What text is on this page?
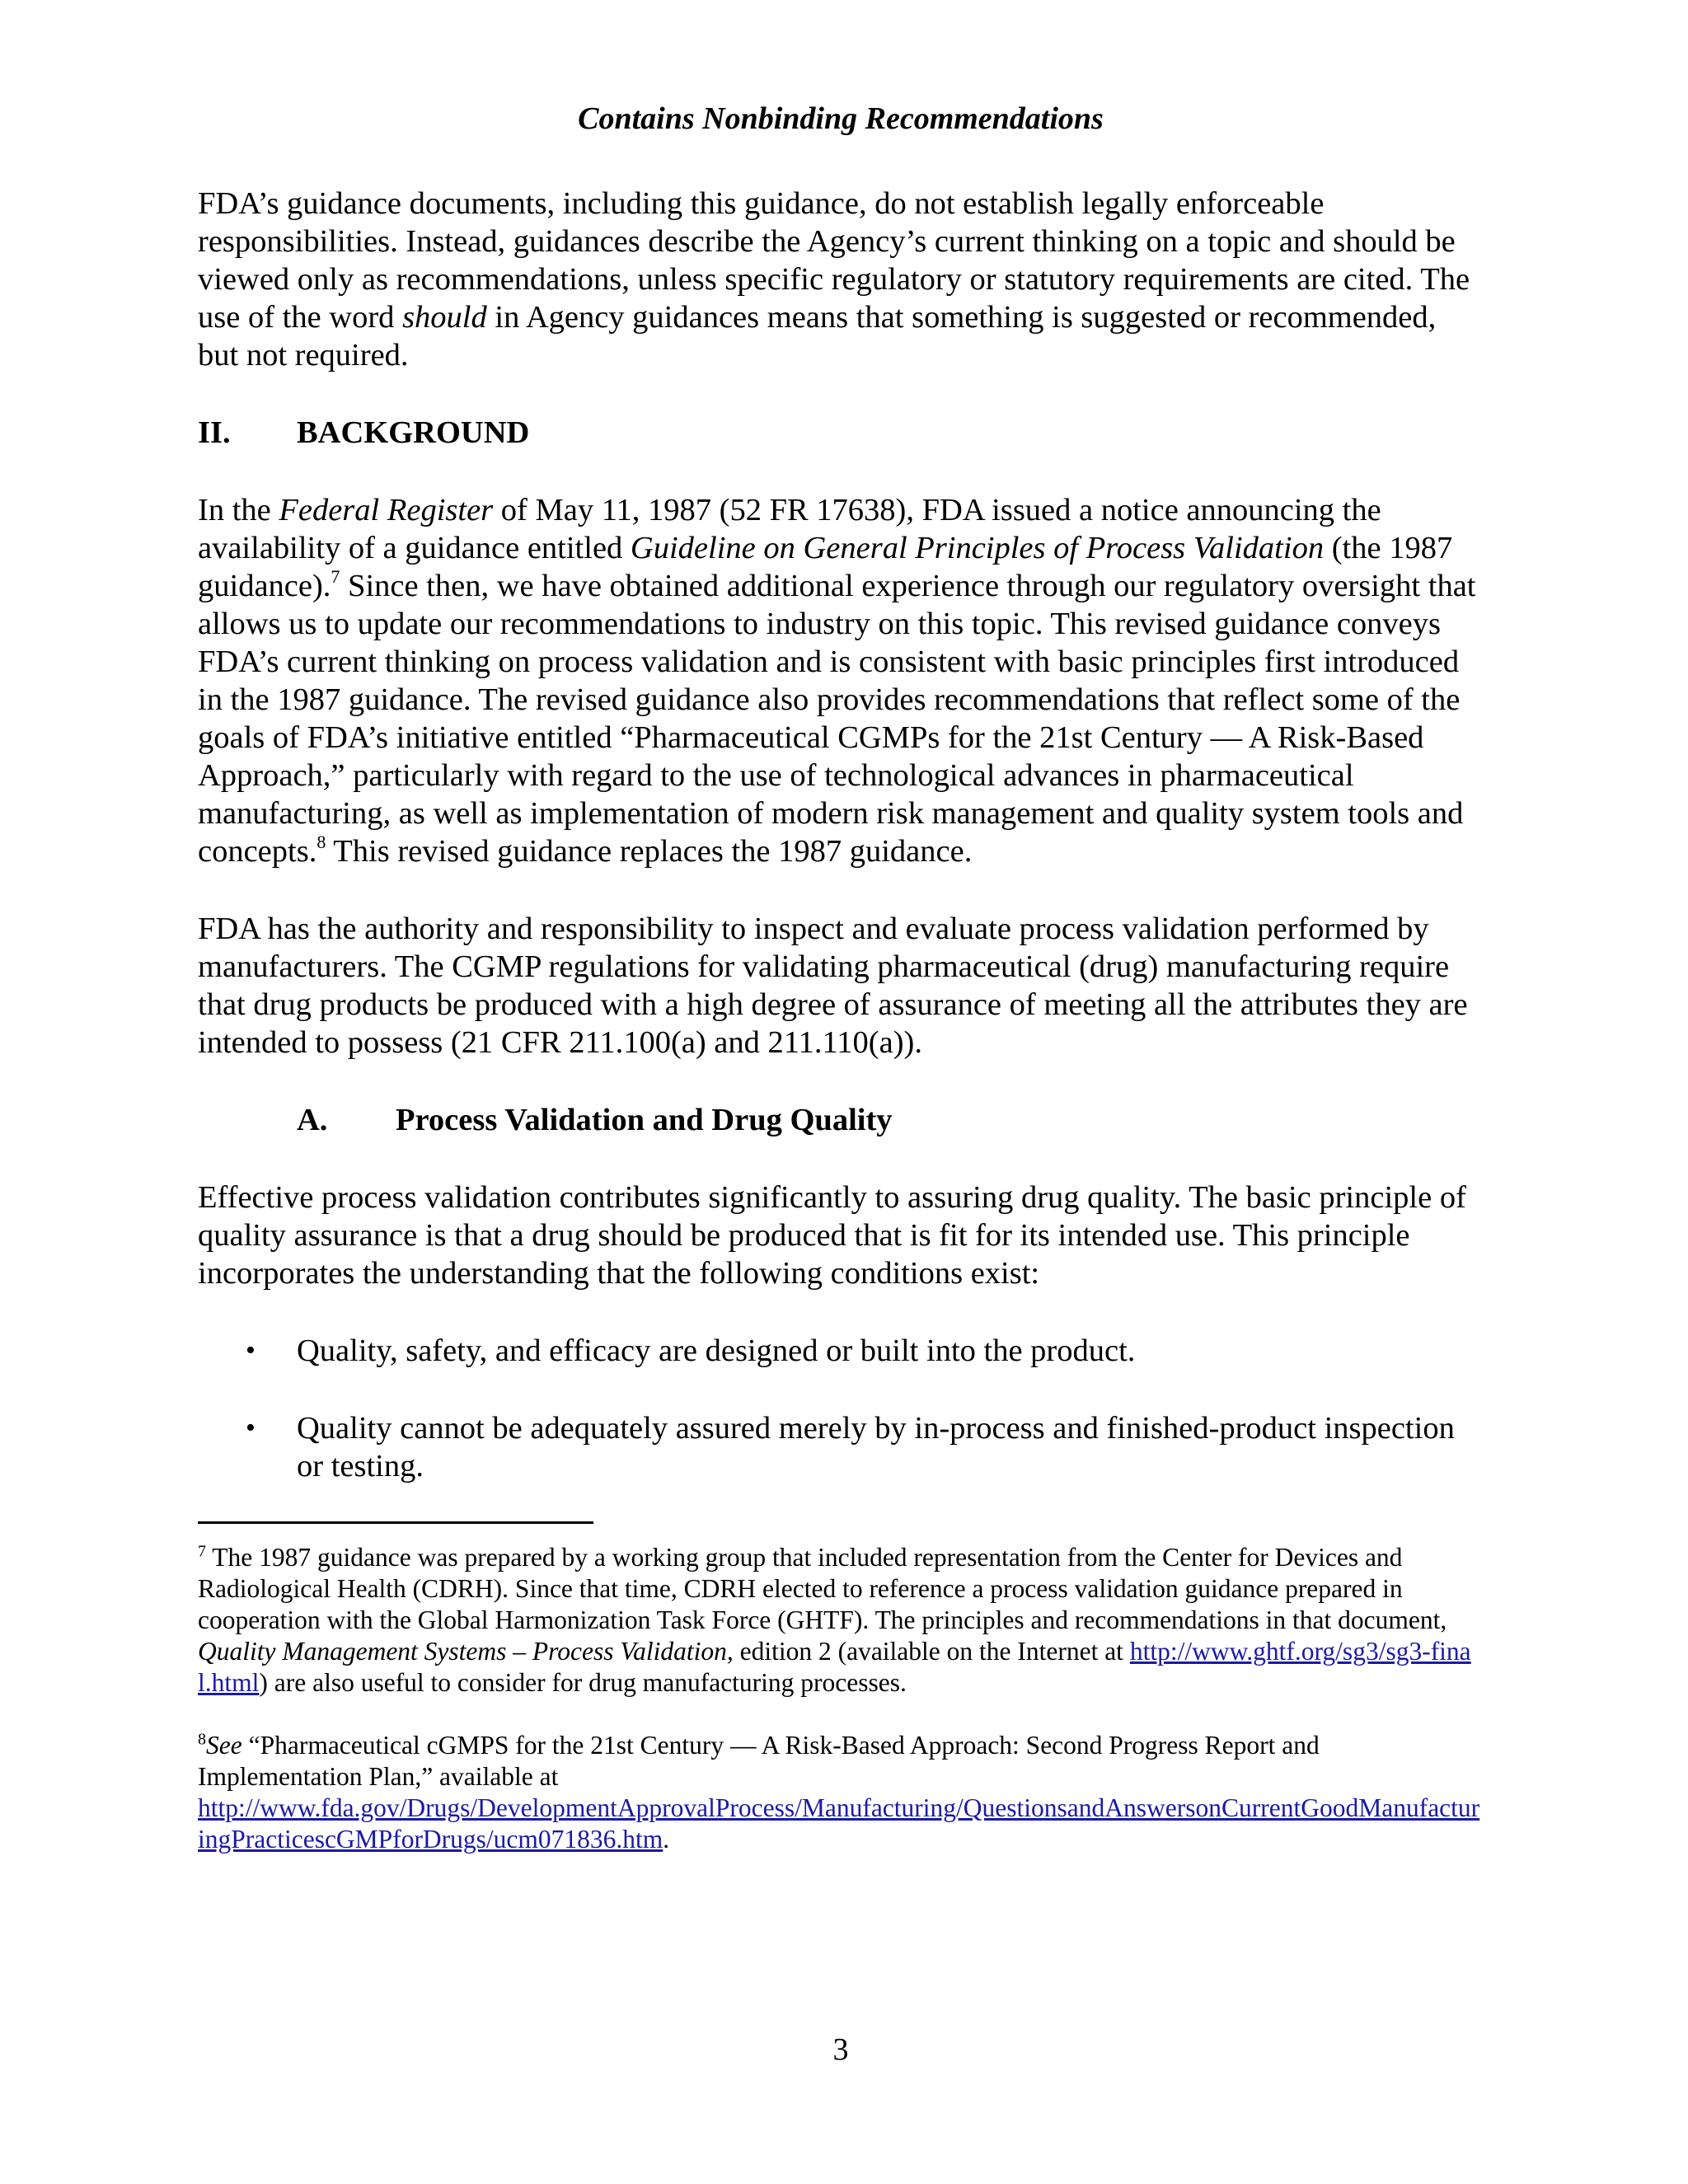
Contains Nonbinding Recommendations

FDA’s guidance documents, including this guidance, do not establish legally enforceable responsibilities. Instead, guidances describe the Agency’s current thinking on a topic and should be viewed only as recommendations, unless specific regulatory or statutory requirements are cited. The use of the word should in Agency guidances means that something is suggested or recommended, but not required.

II.	BACKGROUND

In the Federal Register of May 11, 1987 (52 FR 17638), FDA issued a notice announcing the availability of a guidance entitled Guideline on General Principles of Process Validation (the 1987 guidance).$^7$ Since then, we have obtained additional experience through our regulatory oversight that allows us to update our recommendations to industry on this topic. This revised guidance conveys FDA’s current thinking on process validation and is consistent with basic principles first introduced in the 1987 guidance. The revised guidance also provides recommendations that reflect some of the goals of FDA’s initiative entitled “Pharmaceutical CGMPs for the 21st Century ― A Risk-Based Approach,” particularly with regard to the use of technological advances in pharmaceutical manufacturing, as well as implementation of modern risk management and quality system tools and concepts.$^8$ This revised guidance replaces the 1987 guidance.

FDA has the authority and responsibility to inspect and evaluate process validation performed by manufacturers. The CGMP regulations for validating pharmaceutical (drug) manufacturing require that drug products be produced with a high degree of assurance of meeting all the attributes they are intended to possess (21 CFR 211.100(a) and 211.110(a)).

A.	Process Validation and Drug Quality

Effective process validation contributes significantly to assuring drug quality. The basic principle of quality assurance is that a drug should be produced that is fit for its intended use. This principle incorporates the understanding that the following conditions exist:

• Quality, safety, and efficacy are designed or built into the product.
• Quality cannot be adequately assured merely by in-process and finished-product inspection or testing.

$^7$ The 1987 guidance was prepared by a working group that included representation from the Center for Devices and Radiological Health (CDRH). Since that time, CDRH elected to reference a process validation guidance prepared in cooperation with the Global Harmonization Task Force (GHTF). The principles and recommendations in that document, Quality Management Systems – Process Validation, edition 2 (available on the Internet at http://www.ghtf.org/sg3/sg3-final.html) are also useful to consider for drug manufacturing processes.

$^8$See “Pharmaceutical cGMPS for the 21st Century — A Risk-Based Approach: Second Progress Report and Implementation Plan,” available at
http://www.fda.gov/Drugs/DevelopmentApprovalProcess/Manufacturing/QuestionsandAnswersonCurrentGoodManufacturingPracticescGMPforDrugs/ucm071836.htm.

3
